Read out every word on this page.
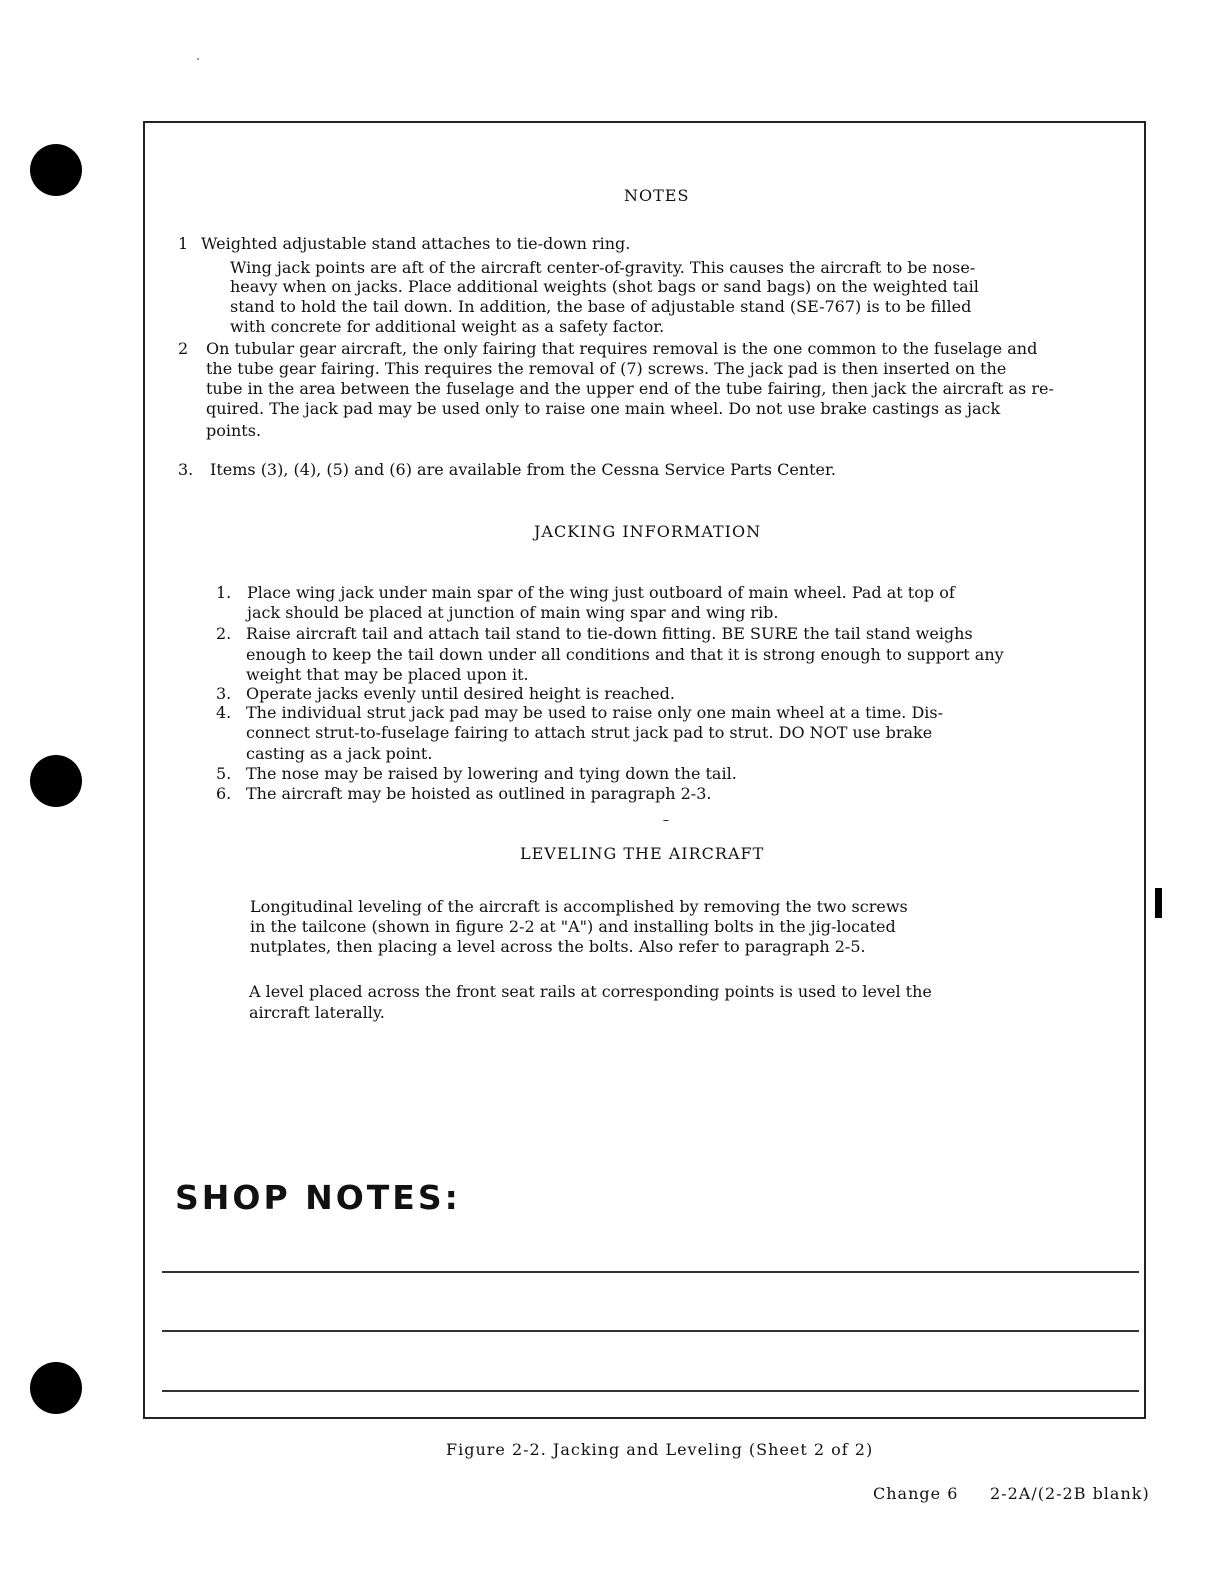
NOTES
1 Weighted adjustable stand attaches to tie-down ring.
Wing jack points are aft of the aircraft center-of-gravity. This causes the aircraft to be nose-
heavy when on jacks. Place additional weights (shot bags or sand bags) on the weighted tail
stand to hold the tail down. In addition, the base of adjustable stand (SE-767) is to be filled
with concrete for additional weight as a safety factor.
2 On tubular gear aircraft, the only fairing that requires removal is the one common to the fuselage and
the tube gear fairing. This requires the removal of (7) screws. The jack pad is then inserted on the
tube in the area between the fuselage and the upper end of the tube fairing, then jack the aircraft as re-
quired. The jack pad may be used only to raise one main wheel. Do not use brake castings as jack
points.
3. Items (3), (4), (5) and (6) are available from the Cessna Service Parts Center.
JACKING INFORMATION
1. Place wing jack under main spar of the wing just outboard of main wheel. Pad at top of
jack should be placed at junction of main wing spar and wing rib.
2. Raise aircraft tail and attach tail stand to tie-down fitting. BE SURE the tail stand weighs
enough to keep the tail down under all conditions and that it is strong enough to support any
weight that may be placed upon it.
3. Operate jacks evenly until desired height is reached.
4. The individual strut jack pad may be used to raise only one main wheel at a time. Dis-
connect strut-to-fuselage fairing to attach strut jack pad to strut. DO NOT use brake
casting as a jack point.
5. The nose may be raised by lowering and tying down the tail.
6. The aircraft may be hoisted as outlined in paragraph 2-3.
LEVELING THE AIRCRAFT
Longitudinal leveling of the aircraft is accomplished by removing the two screws
in the tailcone (shown in figure 2-2 at "A") and installing bolts in the jig-located
nutplates, then placing a level across the bolts. Also refer to paragraph 2-5.
A level placed across the front seat rails at corresponding points is used to level the
aircraft laterally.
SHOP NOTES:
Figure 2-2. Jacking and Leveling (Sheet 2 of 2)
Change 6 2-2A/(2-2B blank)
